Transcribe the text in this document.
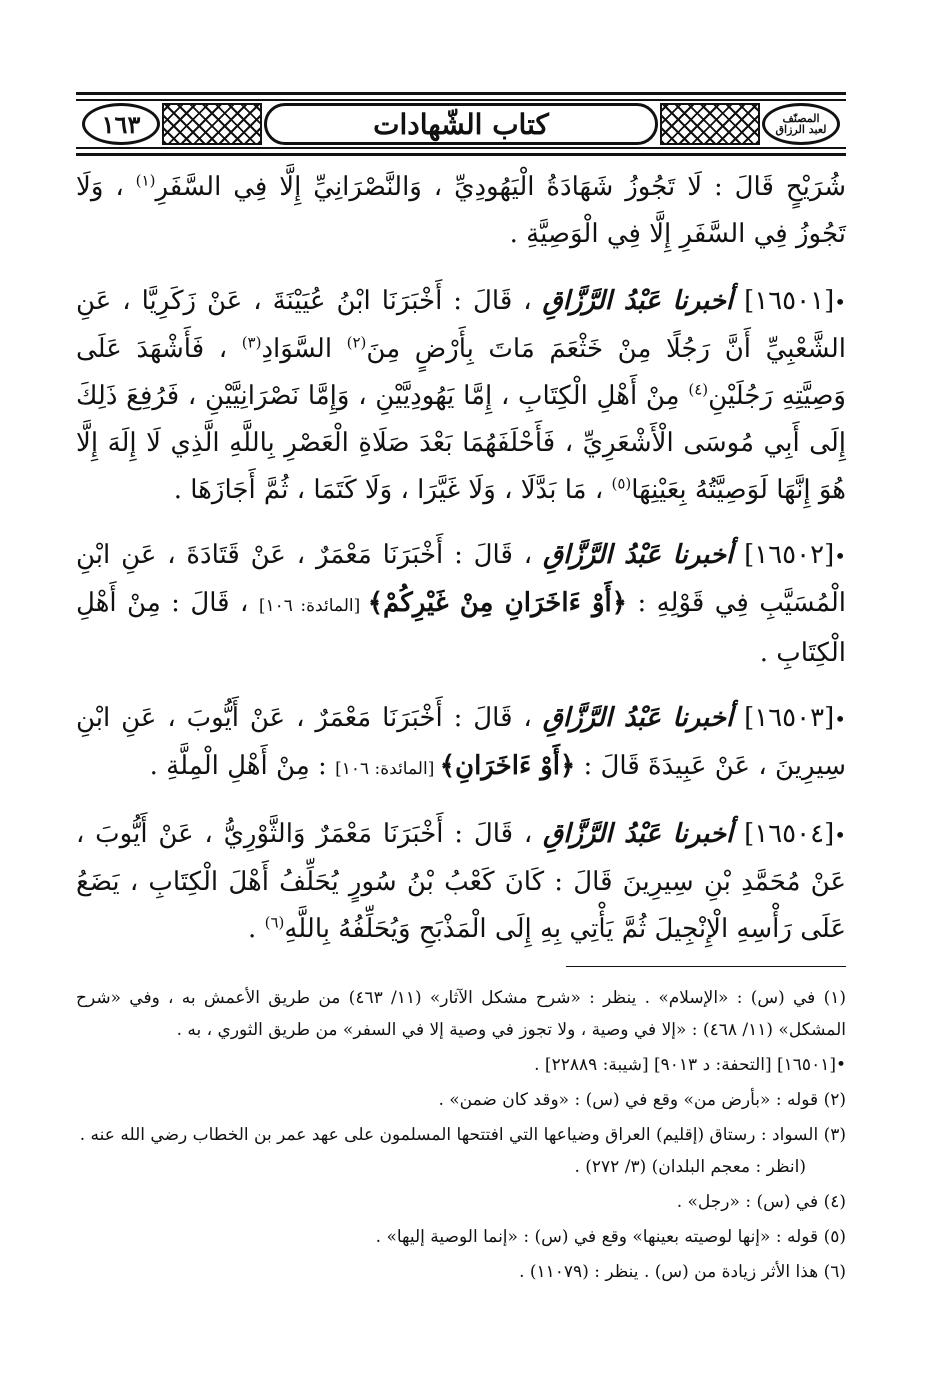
١٦٣	كتاب الشّهادات	المصنّف
لعبد الرزاق

شُرَيْحٍ قَالَ : لَا تَجُوزُ شَهَادَةُ الْيَهُودِيِّ ، وَالنَّصْرَانِيِّ إِلَّا فِي السَّفَرِ$^{(١)}$ ، وَلَا تَجُوزُ فِي السَّفَرِ إِلَّا فِي الْوَصِيَّةِ .

•[١٦٥٠١] أخبرنا عَبْدُ الرَّزَّاقِ ، قَالَ : أَخْبَرَنَا ابْنُ عُيَيْنَةَ ، عَنْ زَكَرِيَّا ، عَنِ الشَّعْبِيِّ أَنَّ رَجُلًا مِنْ خَثْعَمَ مَاتَ بِأَرْضٍ مِنَ$^{(٢)}$ السَّوَادِ$^{(٣)}$ ، فَأَشْهَدَ عَلَى وَصِيَّتِهِ رَجُلَيْنِ$^{(٤)}$ مِنْ أَهْلِ الْكِتَابِ ، إِمَّا يَهُودِيَّيْنِ ، وَإِمَّا نَصْرَانِيَّيْنِ ، فَرُفِعَ ذَلِكَ إِلَى أَبِي مُوسَى الْأَشْعَرِيِّ ، فَأَحْلَفَهُمَا بَعْدَ صَلَاةِ الْعَصْرِ بِاللَّهِ الَّذِي لَا إِلَهَ إِلَّا هُوَ إِنَّهَا لَوَصِيَّتُهُ بِعَيْنِهَا$^{(٥)}$ ، مَا بَدَّلَا ، وَلَا غَيَّرَا ، وَلَا كَتَمَا ، ثُمَّ أَجَازَهَا .

•[١٦٥٠٢] أخبرنا عَبْدُ الرَّزَّاقِ ، قَالَ : أَخْبَرَنَا مَعْمَرٌ ، عَنْ قَتَادَةَ ، عَنِ ابْنِ الْمُسَيَّبِ فِي قَوْلِهِ : ﴿أَوْ ءَاخَرَانِ مِنْ غَيْرِكُمْ﴾ [المائدة: ١٠٦] ، قَالَ : مِنْ أَهْلِ الْكِتَابِ .

•[١٦٥٠٣] أخبرنا عَبْدُ الرَّزَّاقِ ، قَالَ : أَخْبَرَنَا مَعْمَرٌ ، عَنْ أَيُّوبَ ، عَنِ ابْنِ سِيرِينَ ، عَنْ عَبِيدَةَ قَالَ : ﴿أَوْ ءَاخَرَانِ﴾ [المائدة: ١٠٦] : مِنْ أَهْلِ الْمِلَّةِ .

•[١٦٥٠٤] أخبرنا عَبْدُ الرَّزَّاقِ ، قَالَ : أَخْبَرَنَا مَعْمَرٌ وَالثَّوْرِيُّ ، عَنْ أَيُّوبَ ، عَنْ مُحَمَّدِ بْنِ سِيرِينَ قَالَ : كَانَ كَعْبُ بْنُ سُورٍ يُحَلِّفُ أَهْلَ الْكِتَابِ ، يَضَعُ عَلَى رَأْسِهِ الْإِنْجِيلَ ثُمَّ يَأْتِي بِهِ إِلَى الْمَذْبَحِ وَيُحَلِّفُهُ بِاللَّهِ$^{(٦)}$ .

(١) في (س) : «الإسلام» . ينظر : «شرح مشكل الآثار» (١١/ ٤٦٣) من طريق الأعمش به ، وفي «شرح المشكل» (١١/ ٤٦٨) : «إلا في وصية ، ولا تجوز في وصية إلا في السفر» من طريق الثوري ، به .

•[١٦٥٠١] [التحفة: د ٩٠١٣] [شيبة: ٢٢٨٨٩] .

(٢) قوله : «بأرض من» وقع في (س) : «وقد كان ضمن» .

(٣) السواد : رستاق (إقليم) العراق وضياعها التي افتتحها المسلمون على عهد عمر بن الخطاب رضي الله عنه .

(انظر : معجم البلدان) (٣/ ٢٧٢) .

(٤) في (س) : «رجل» .

(٥) قوله : «إنها لوصيته بعينها» وقع في (س) : «إنما الوصية إليها» .

(٦) هذا الأثر زيادة من (س) . ينظر : (١١٠٧٩) .
